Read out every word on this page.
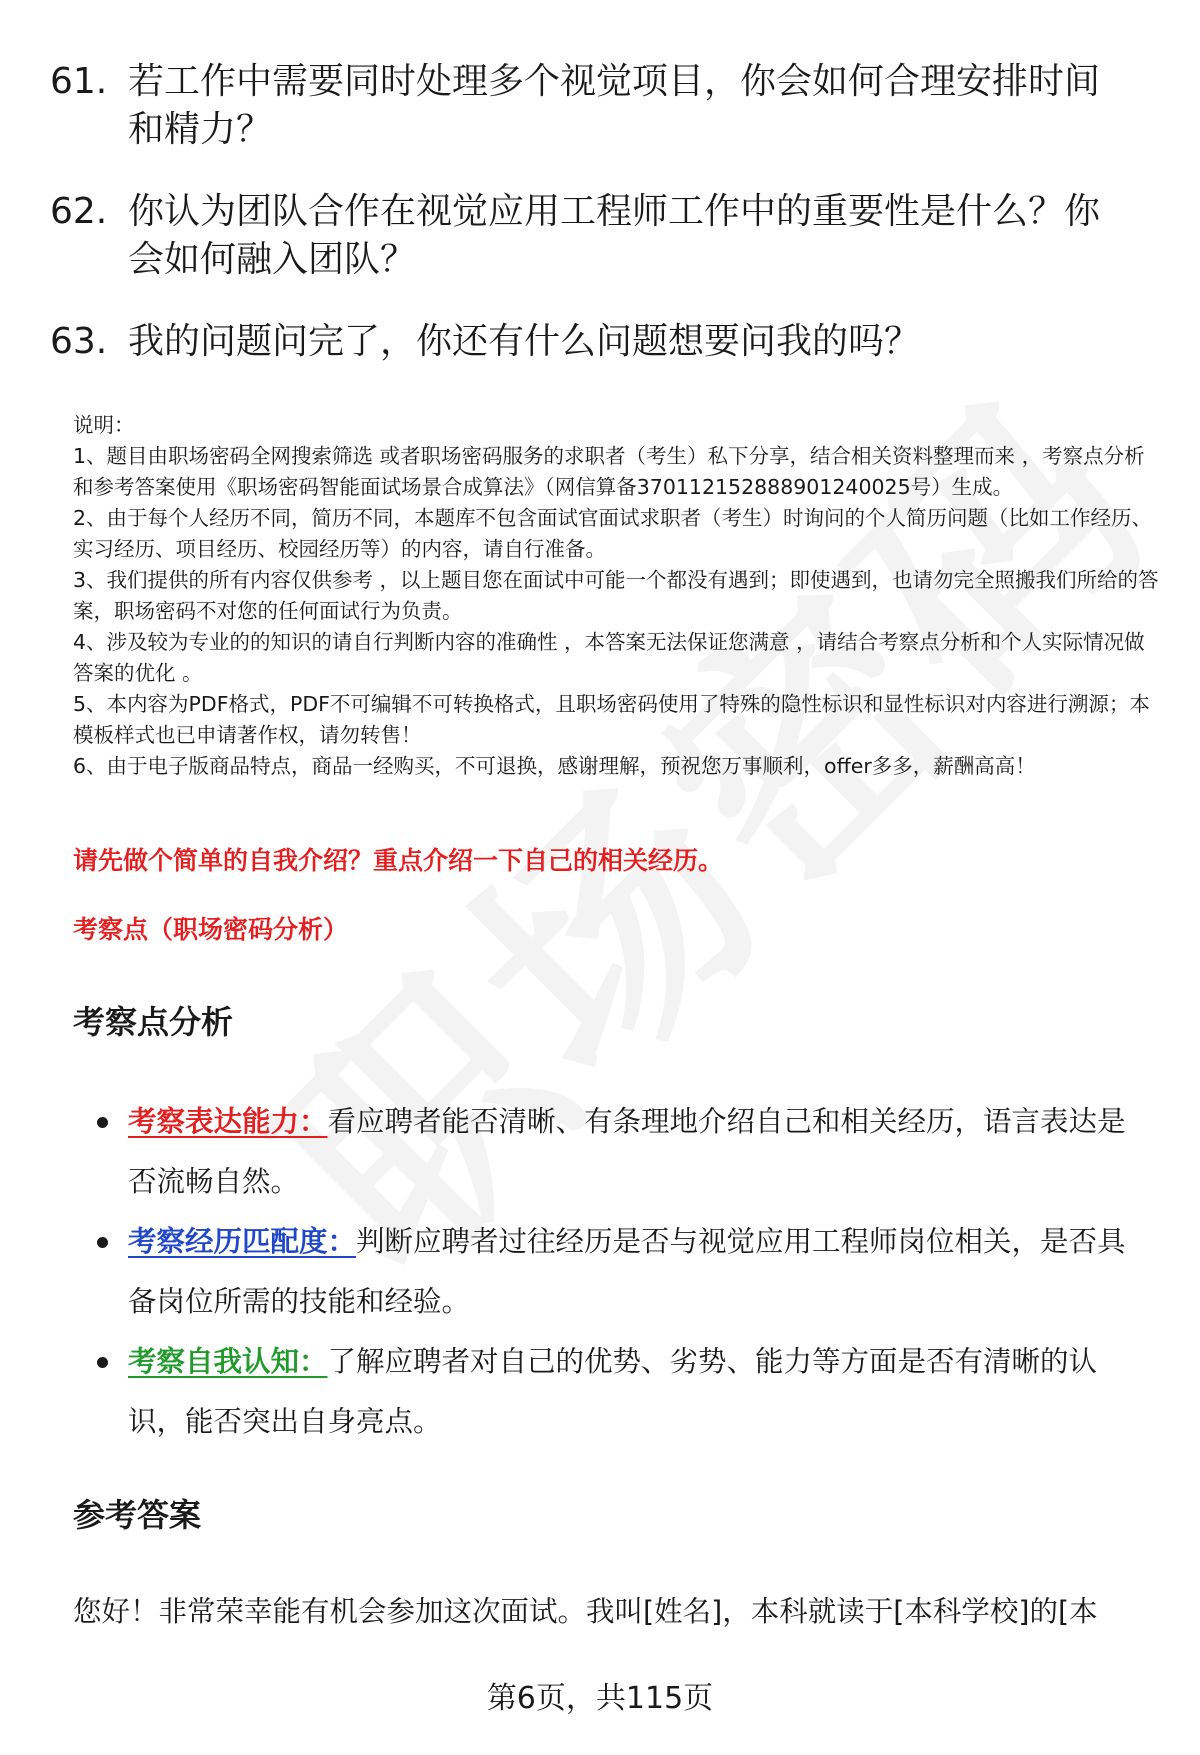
61. 若工作中需要同时处理多个视觉项目，你会如何合理安排时间和精力？
62. 你认为团队合作在视觉应用工程师工作中的重要性是什么？你会如何融入团队？
63. 我的问题问完了，你还有什么问题想要问我的吗？

说明：

1、题目由职场密码全网搜索筛选 或者职场密码服务的求职者（考生）私下分享，结合相关资料整理而来 ，考察点分析和参考答案使用《职场密码智能面试场景合成算法》（网信算备370112152888901240025号）生成。

2、由于每个人经历不同，简历不同，本题库不包含面试官面试求职者（考生）时询问的个人简历问题（比如工作经历、实习经历、项目经历、校园经历等）的内容，请自行准备。

3、我们提供的所有内容仅供参考 ，以上题目您在面试中可能一个都没有遇到；即使遇到，也请勿完全照搬我们所给的答案，职场密码不对您的任何面试行为负责。

4、涉及较为专业的的知识的请自行判断内容的准确性 ，本答案无法保证您满意 ，请结合考察点分析和个人实际情况做答案的优化 。

5、本内容为PDF格式，PDF不可编辑不可转换格式，且职场密码使用了特殊的隐性标识和显性标识对内容进行溯源；本模板样式也已申请著作权，请勿转售！

6、由于电子版商品特点，商品一经购买，不可退换，感谢理解，预祝您万事顺利，offer多多，薪酬高高！

请先做个简单的自我介绍？重点介绍一下自己的相关经历。
考察点（职场密码分析）
考察点分析
考察表达能力：看应聘者能否清晰、有条理地介绍自己和相关经历，语言表达是否流畅自然。
考察经历匹配度：判断应聘者过往经历是否与视觉应用工程师岗位相关，是否具备岗位所需的技能和经验。
考察自我认知：了解应聘者对自己的优势、劣势、能力等方面是否有清晰的认识，能否突出自身亮点。
参考答案
您好！非常荣幸能有机会参加这次面试。我叫[姓名]，本科就读于[本科学校]的[本
第6页，共115页
